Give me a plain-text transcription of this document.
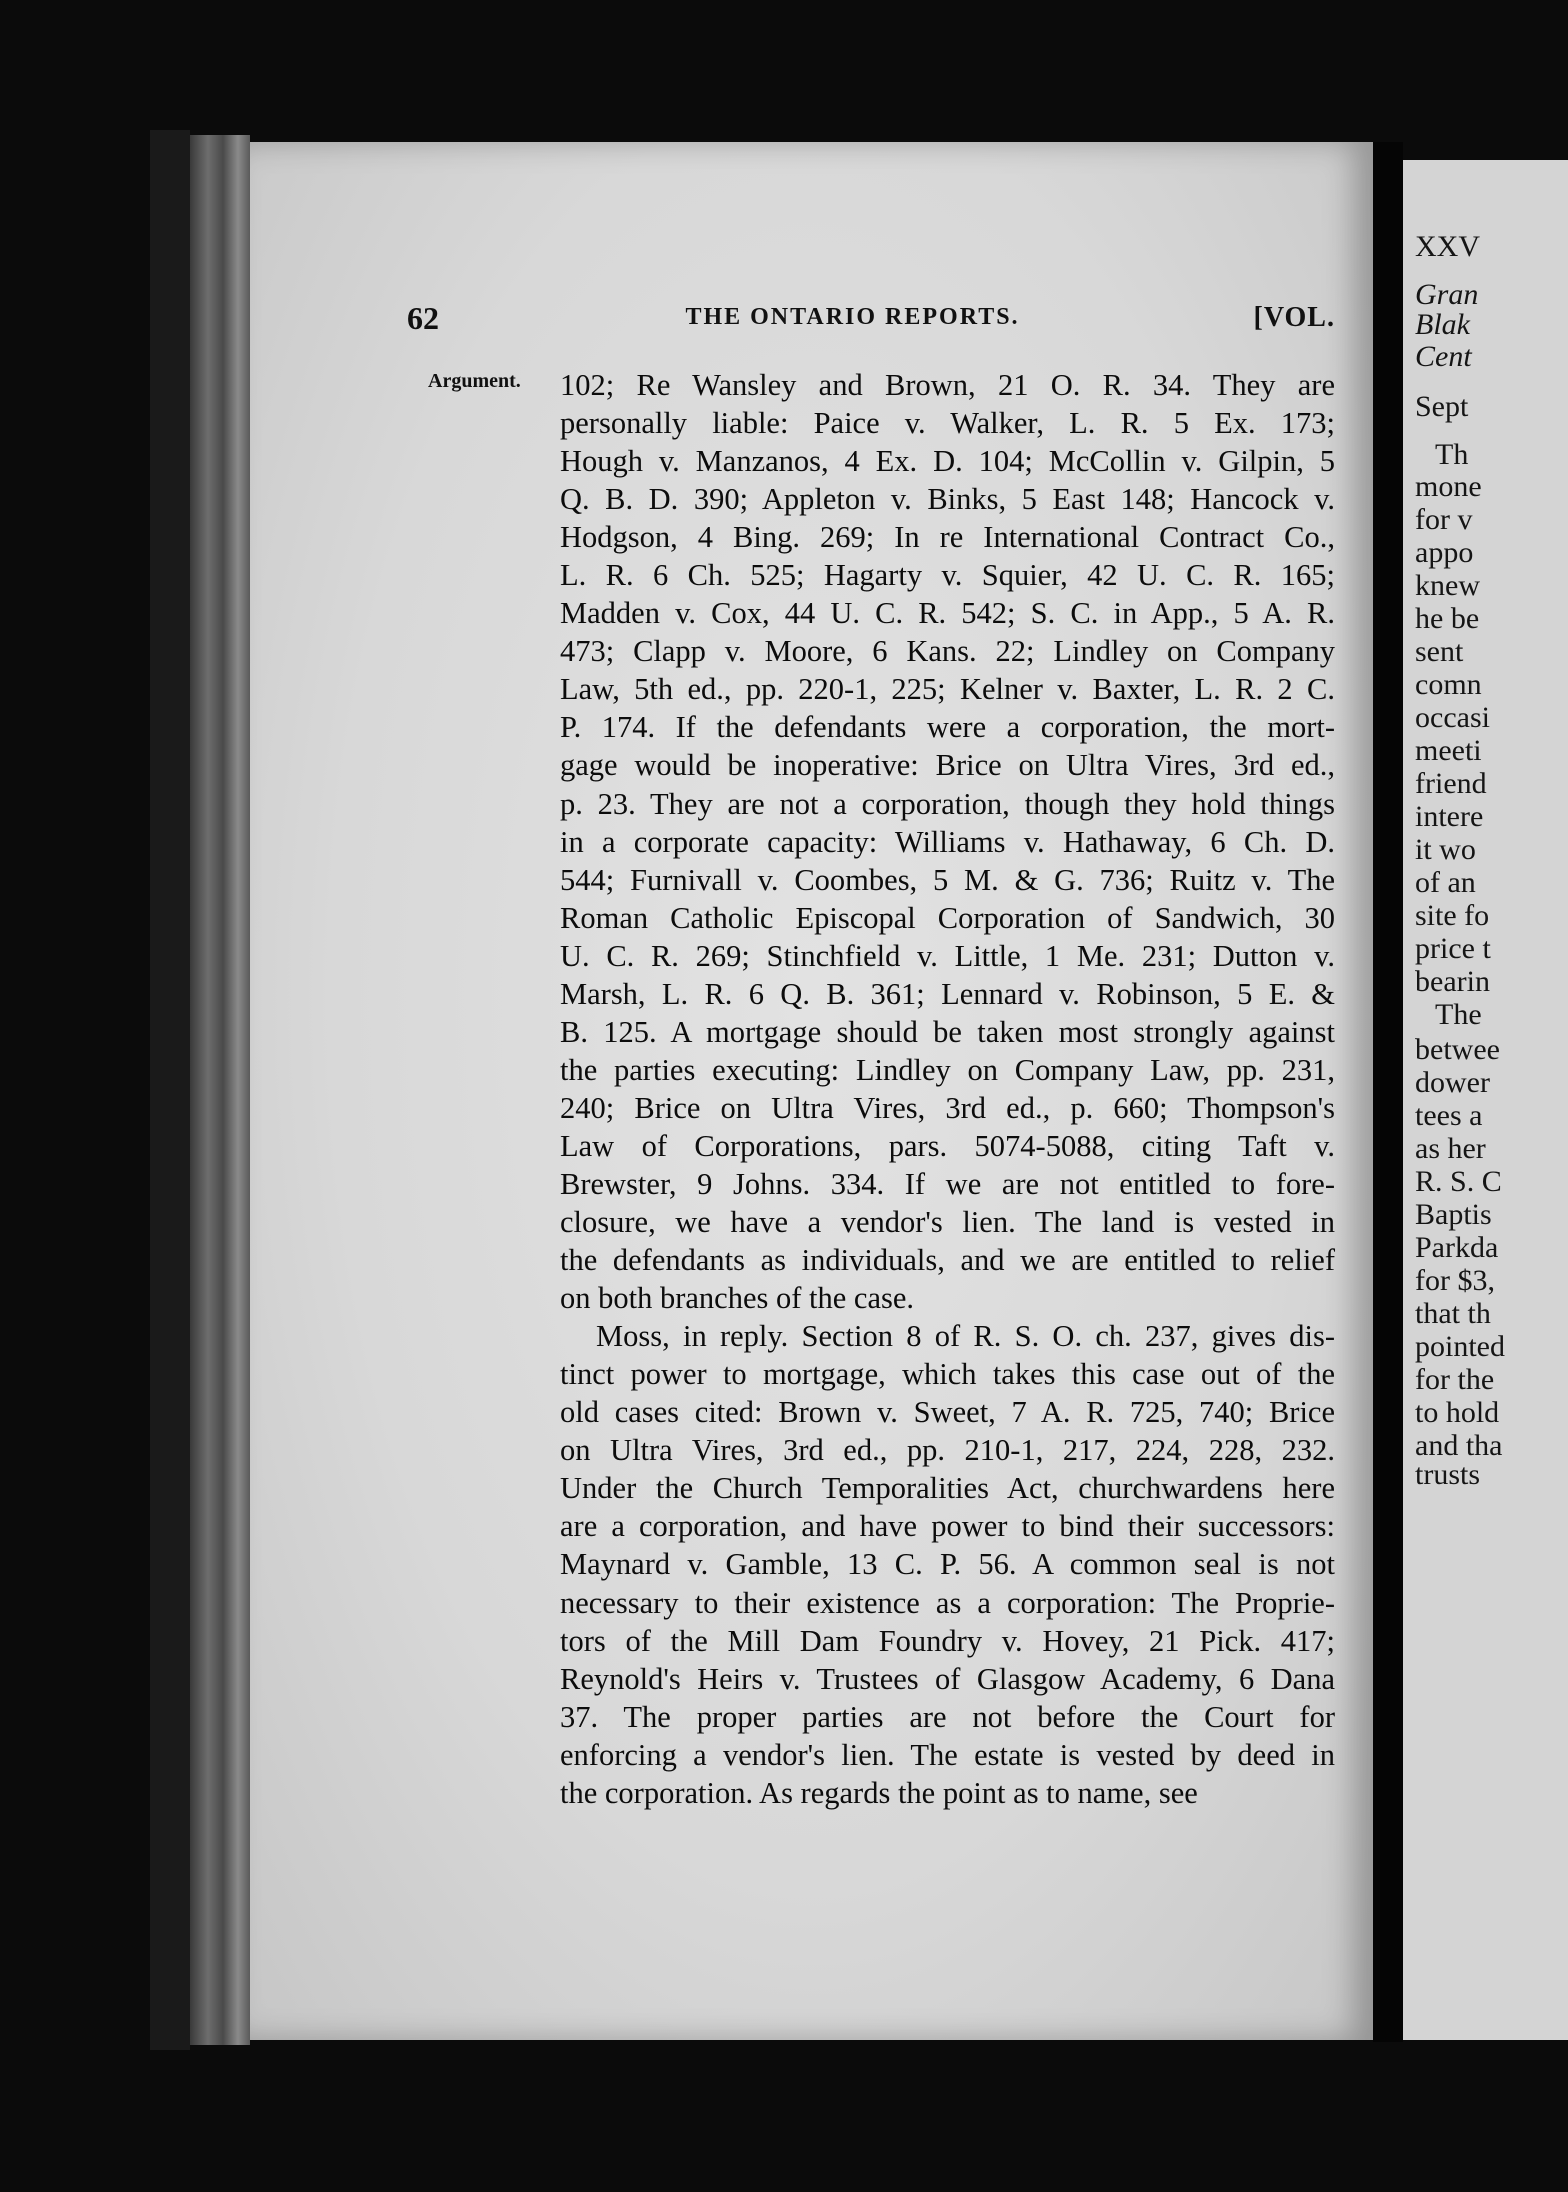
62	THE ONTARIO REPORTS.	[VOL.
Argument. 102; Re Wansley and Brown, 21 O. R. 34. They are
personally liable: Paice v. Walker, L. R. 5 Ex. 173;
Hough v. Manzanos, 4 Ex. D. 104; McCollin v. Gilpin, 5
Q. B. D. 390; Appleton v. Binks, 5 East 148; Hancock v.
Hodgson, 4 Bing. 269; In re International Contract Co.,
L. R. 6 Ch. 525; Hagarty v. Squier, 42 U. C. R. 165;
Madden v. Cox, 44 U. C. R. 542; S. C. in App., 5 A. R.
473; Clapp v. Moore, 6 Kans. 22; Lindley on Company
Law, 5th ed., pp. 220-1, 225; Kelner v. Baxter, L. R. 2 C.
P. 174. If the defendants were a corporation, the mort-
gage would be inoperative: Brice on Ultra Vires, 3rd ed.,
p. 23. They are not a corporation, though they hold things
in a corporate capacity: Williams v. Hathaway, 6 Ch. D.
544; Furnivall v. Coombes, 5 M. & G. 736; Ruitz v. The
Roman Catholic Episcopal Corporation of Sandwich, 30
U. C. R. 269; Stinchfield v. Little, 1 Me. 231; Dutton v.
Marsh, L. R. 6 Q. B. 361; Lennard v. Robinson, 5 E. &
B. 125. A mortgage should be taken most strongly against
the parties executing: Lindley on Company Law, pp. 231,
240; Brice on Ultra Vires, 3rd ed., p. 660; Thompson's
Law of Corporations, pars. 5074-5088, citing Taft v.
Brewster, 9 Johns. 334. If we are not entitled to fore-
closure, we have a vendor's lien. The land is vested in
the defendants as individuals, and we are entitled to relief
on both branches of the case.
Moss, in reply. Section 8 of R. S. O. ch. 237, gives dis-
tinct power to mortgage, which takes this case out of the
old cases cited: Brown v. Sweet, 7 A. R. 725, 740; Brice
on Ultra Vires, 3rd ed., pp. 210-1, 217, 224, 228, 232.
Under the Church Temporalities Act, churchwardens here
are a corporation, and have power to bind their successors:
Maynard v. Gamble, 13 C. P. 56. A common seal is not
necessary to their existence as a corporation: The Proprie-
tors of the Mill Dam Foundry v. Hovey, 21 Pick. 417;
Reynold's Heirs v. Trustees of Glasgow Academy, 6 Dana
37. The proper parties are not before the Court for
enforcing a vendor's lien. The estate is vested by deed in
the corporation. As regards the point as to name, see
XXV
Gran
Blak
Cent
Sept
Th
mone
for v
appo
knew
he be
sent
comn
occasi
meeti
friend
intere
it wo
of an
site fo
price t
bearin
The
betwee
dower
tees a
as her
R. S. C
Baptis
Parkda
for $3,
that th
pointed
for the
to hold
and tha
trusts
